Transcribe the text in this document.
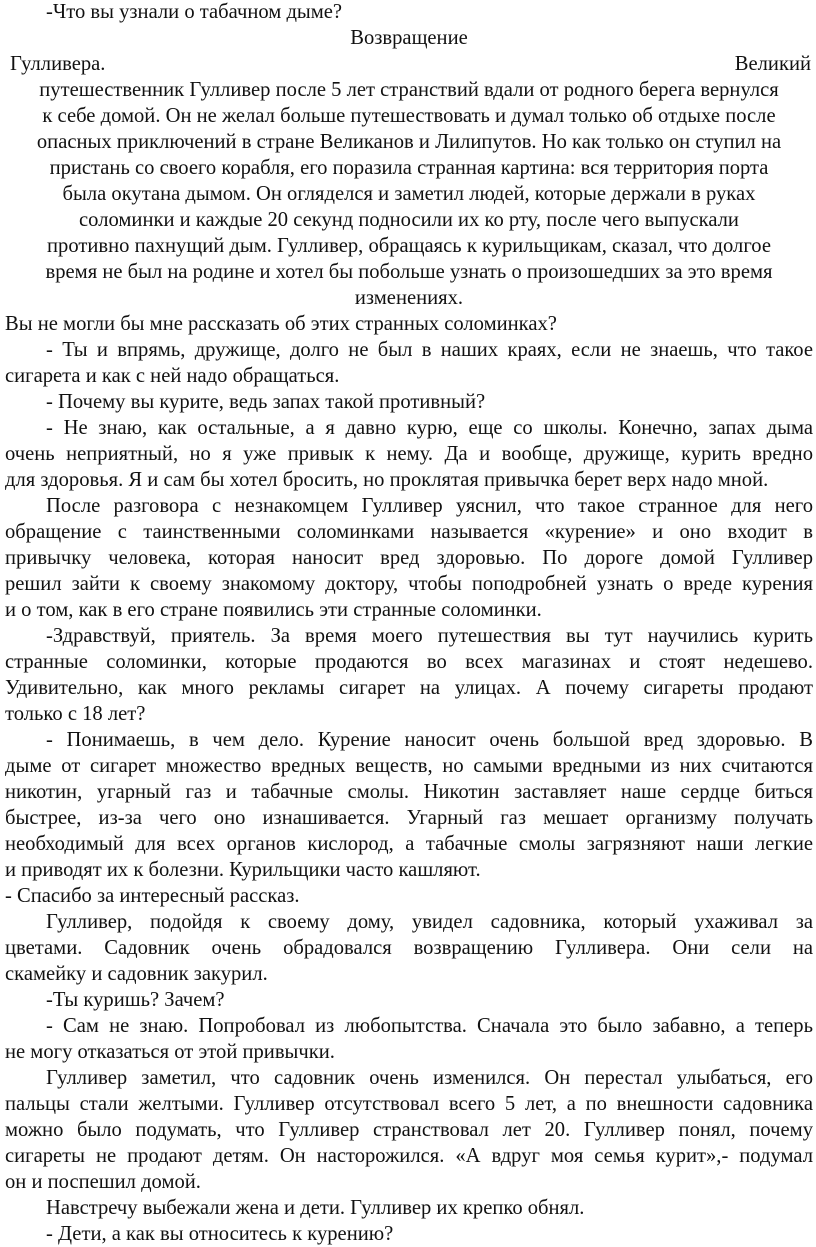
-Что вы узнали о табачном дыме?
Возвращение
Гулливера.	Великий
путешественник Гулливер после 5 лет странствий вдали от родного берега вернулся
к себе домой. Он не желал больше путешествовать и думал только об отдыхе после
опасных приключений в стране Великанов и Лилипутов. Но как только он ступил на
пристань со своего корабля, его поразила странная картина: вся территория порта
была окутана дымом. Он огляделся и заметил людей, которые держали в руках
соломинки и каждые 20 секунд подносили их ко рту, после чего выпускали
противно пахнущий дым. Гулливер, обращаясь к курильщикам, сказал, что долгое
время не был на родине и хотел бы побольше узнать о произошедших за это время
изменениях.
Вы не могли бы мне рассказать об этих странных соломинках?
- Ты и впрямь, дружище, долго не был в наших краях, если не знаешь, что такое
сигарета и как с ней надо обращаться.
- Почему вы курите, ведь запах такой противный?
- Не знаю, как остальные, а я давно курю, еще со школы. Конечно, запах дыма
очень неприятный, но я уже привык к нему. Да и вообще, дружище, курить вредно
для здоровья. Я и сам бы хотел бросить, но проклятая привычка берет верх надо мной.
После разговора с незнакомцем Гулливер уяснил, что такое странное для него
обращение с таинственными соломинками называется «курение» и оно входит в
привычку человека, которая наносит вред здоровью. По дороге домой Гулливер
решил зайти к своему знакомому доктору, чтобы поподробней узнать о вреде курения
и о том, как в его стране появились эти странные соломинки.
-Здравствуй, приятель. За время моего путешествия вы тут научились курить
странные соломинки, которые продаются во всех магазинах и стоят недешево.
Удивительно, как много рекламы сигарет на улицах. А почему сигареты продают
только с 18 лет?
- Понимаешь, в чем дело. Курение наносит очень большой вред здоровью. В
дыме от сигарет множество вредных веществ, но самыми вредными из них считаются
никотин, угарный газ и табачные смолы. Никотин заставляет наше сердце биться
быстрее, из-за чего оно изнашивается. Угарный газ мешает организму получать
необходимый для всех органов кислород, а табачные смолы загрязняют наши легкие
и приводят их к болезни. Курильщики часто кашляют.
- Спасибо за интересный рассказ.
Гулливер, подойдя к своему дому, увидел садовника, который ухаживал за
цветами. Садовник очень обрадовался возвращению Гулливера. Они сели на
скамейку и садовник закурил.
-Ты куришь? Зачем?
- Сам не знаю. Попробовал из любопытства. Сначала это было забавно, а теперь
не могу отказаться от этой привычки.
Гулливер заметил, что садовник очень изменился. Он перестал улыбаться, его
пальцы стали желтыми. Гулливер отсутствовал всего 5 лет, а по внешности садовника
можно было подумать, что Гулливер странствовал лет 20. Гулливер понял, почему
сигареты не продают детям. Он насторожился. «А вдруг моя семья курит»,- подумал
он и поспешил домой.
Навстречу выбежали жена и дети. Гулливер их крепко обнял.
- Дети, а как вы относитесь к курению?
